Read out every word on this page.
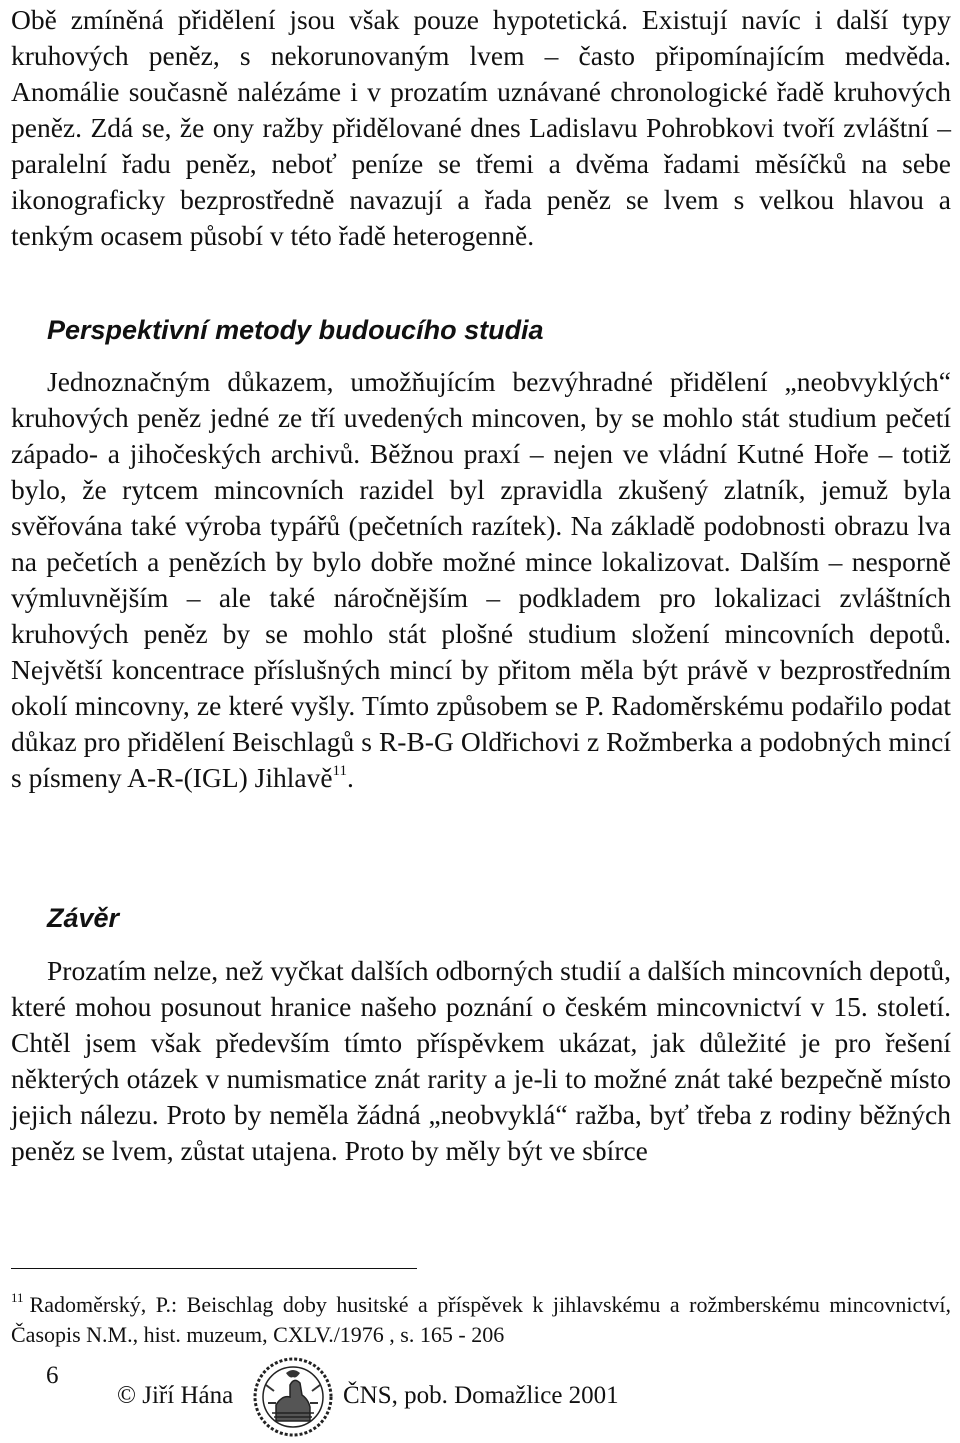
Obě zmíněná přidělení jsou však pouze hypotetická. Existují navíc i další typy kruhových peněz, s nekorunovaným lvem – často připomínajícím medvěda. Anomálie současně nalézáme i v prozatím uznávané chronologické řadě kruhových peněz. Zdá se, že ony ražby přidělované dnes Ladislavu Pohrobkovi tvoří zvláštní – paralelní řadu peněz, neboť peníze se třemi a dvěma řadami měsíčků na sebe ikonograficky bezprostředně navazují a řada peněz se lvem s velkou hlavou a tenkým ocasem působí v této řadě heterogenně.

Perspektivní metody budoucího studia

Jednoznačným důkazem, umožňujícím bezvýhradné přidělení „neobvyklých“ kruhových peněz jedné ze tří uvedených mincoven, by se mohlo stát studium pečetí západo- a jihočeských archivů. Běžnou praxí – nejen ve vládní Kutné Hoře – totiž bylo, že rytcem mincovních razidel byl zpravidla zkušený zlatník, jemuž byla svěřována také výroba typářů (pečetních razítek). Na základě podobnosti obrazu lva na pečetích a penězích by bylo dobře možné mince lokalizovat. Dalším – nesporně výmluvnějším – ale také náročnějším – podkladem pro lokalizaci zvláštních kruhových peněz by se mohlo stát plošné studium složení mincovních depotů. Největší koncentrace příslušných mincí by přitom měla být právě v bezprostředním okolí mincovny, ze které vyšly. Tímto způsobem se P. Radoměrskému podařilo podat důkaz pro přidělení Beischlagů s R-B-G Oldřichovi z Rožmberka a podobných mincí s písmeny A-R-(IGL) Jihlavě$^{11}$.

Závěr

Prozatím nelze, než vyčkat dalších odborných studií a dalších mincovních depotů, které mohou posunout hranice našeho poznání o českém mincovnictví v 15. století. Chtěl jsem však především tímto příspěvkem ukázat, jak důležité je pro řešení některých otázek v numismatice znát rarity a je-li to možné znát také bezpečně místo jejich nálezu. Proto by neměla žádná „neobvyklá“ ražba, byť třeba z rodiny běžných peněz se lvem, zůstat utajena. Proto by měly být ve sbírce

$^{11}$ Radoměrský, P.: Beischlag doby husitské a příspěvek k jihlavskému a rožmberskému mincovnictví, Časopis N.M., hist. muzeum, CXLV./1976 , s. 165 - 206

6
© Jiří Hána	ČNS, pob. Domažlice 2001
